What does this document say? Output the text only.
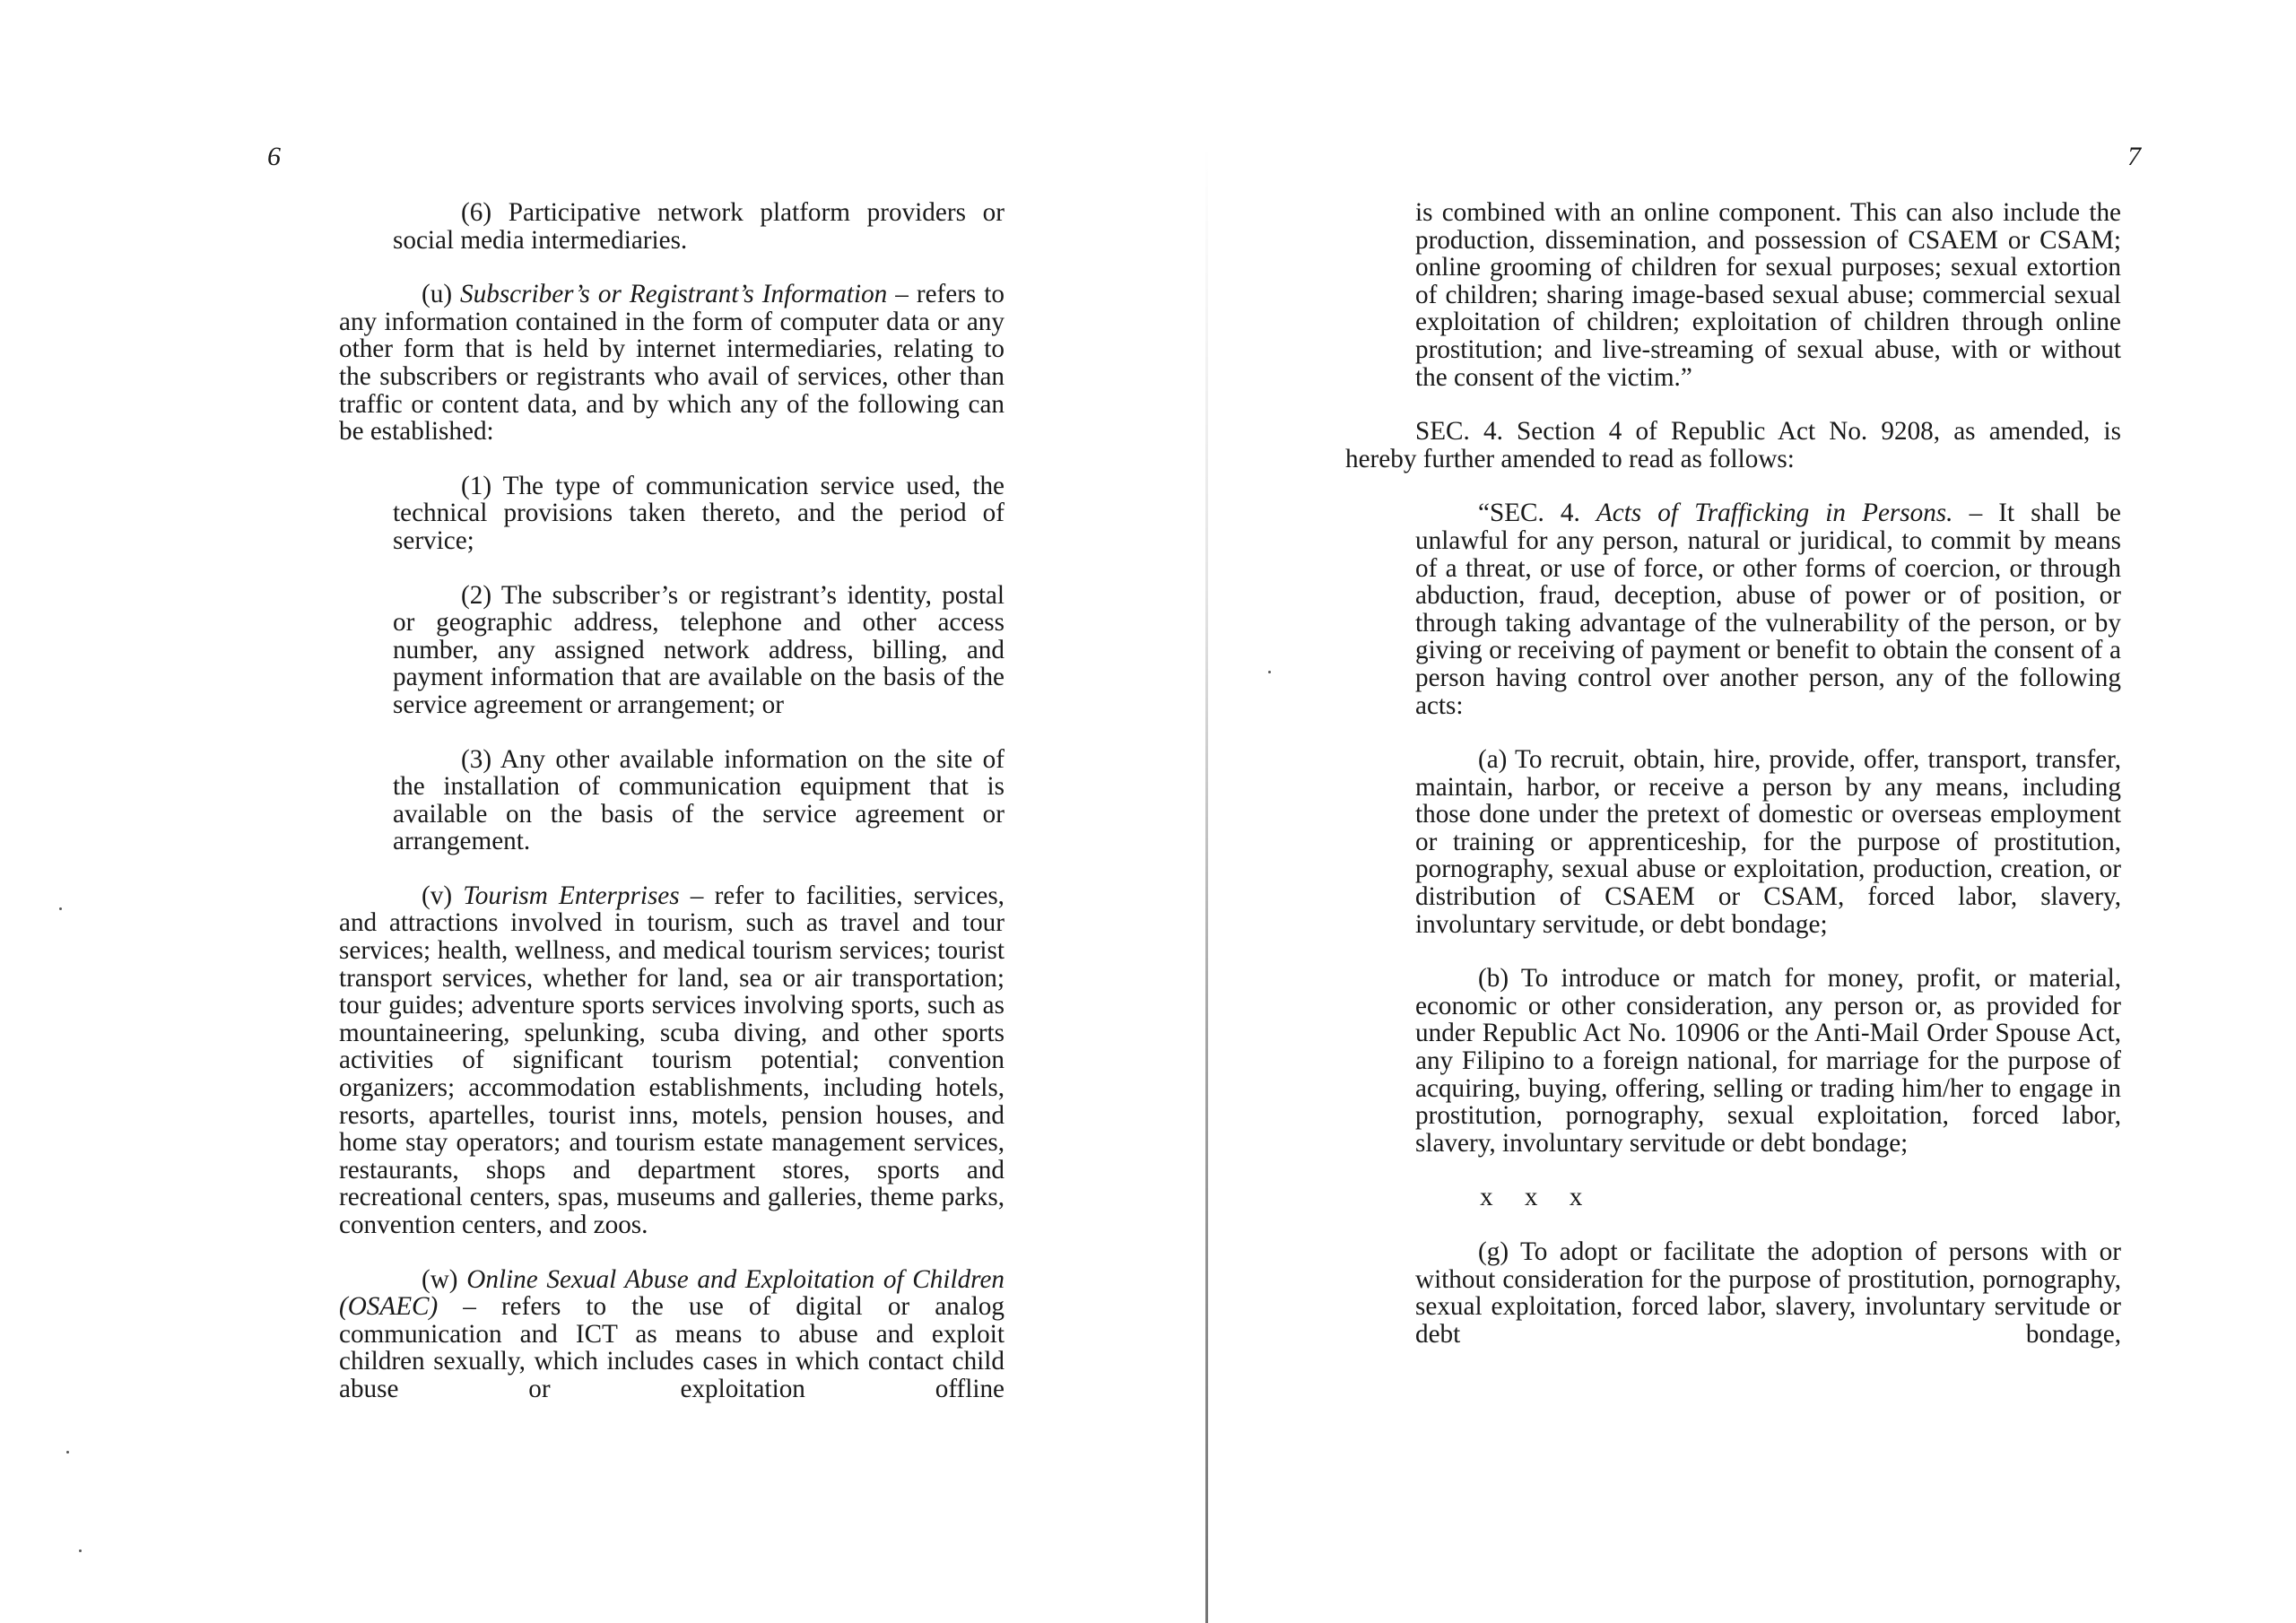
6	7

(6) Participative network platform providers or social media intermediaries.

(u) Subscriber’s or Registrant’s Information – refers to any information contained in the form of computer data or any other form that is held by internet intermediaries, relating to the subscribers or registrants who avail of services, other than traffic or content data, and by which any of the following can be established:

(1) The type of communication service used, the technical provisions taken thereto, and the period of service;

(2) The subscriber’s or registrant’s identity, postal or geographic address, telephone and other access number, any assigned network address, billing, and payment information that are available on the basis of the service agreement or arrangement; or

(3) Any other available information on the site of the installation of communication equipment that is available on the basis of the service agreement or arrangement.

(v) Tourism Enterprises – refer to facilities, services, and attractions involved in tourism, such as travel and tour services; health, wellness, and medical tourism services; tourist transport services, whether for land, sea or air transportation; tour guides; adventure sports services involving sports, such as mountaineering, spelunking, scuba diving, and other sports activities of significant tourism potential; convention organizers; accommodation establishments, including hotels, resorts, apartelles, tourist inns, motels, pension houses, and home stay operators; and tourism estate management services, restaurants, shops and department stores, sports and recreational centers, spas, museums and galleries, theme parks, convention centers, and zoos.

(w) Online Sexual Abuse and Exploitation of Children (OSAEC) – refers to the use of digital or analog communication and ICT as means to abuse and exploit children sexually, which includes cases in which contact child abuse or exploitation offline

is combined with an online component. This can also include the production, dissemination, and possession of CSAEM or CSAM; online grooming of children for sexual purposes; sexual extortion of children; sharing image-based sexual abuse; commercial sexual exploitation of children; exploitation of children through online prostitution; and live-streaming of sexual abuse, with or without the consent of the victim.”

SEC. 4. Section 4 of Republic Act No. 9208, as amended, is hereby further amended to read as follows:

“SEC. 4. Acts of Trafficking in Persons. – It shall be unlawful for any person, natural or juridical, to commit by means of a threat, or use of force, or other forms of coercion, or through abduction, fraud, deception, abuse of power or of position, or through taking advantage of the vulnerability of the person, or by giving or receiving of payment or benefit to obtain the consent of a person having control over another person, any of the following acts:

(a) To recruit, obtain, hire, provide, offer, transport, transfer, maintain, harbor, or receive a person by any means, including those done under the pretext of domestic or overseas employment or training or apprenticeship, for the purpose of prostitution, pornography, sexual abuse or exploitation, production, creation, or distribution of CSAEM or CSAM, forced labor, slavery, involuntary servitude, or debt bondage;

(b) To introduce or match for money, profit, or material, economic or other consideration, any person or, as provided for under Republic Act No. 10906 or the Anti-Mail Order Spouse Act, any Filipino to a foreign national, for marriage for the purpose of acquiring, buying, offering, selling or trading him/her to engage in prostitution, pornography, sexual exploitation, forced labor, slavery, involuntary servitude or debt bondage;

x x x

(g) To adopt or facilitate the adoption of persons with or without consideration for the purpose of prostitution, pornography, sexual exploitation, forced labor, slavery, involuntary servitude or debt bondage,
